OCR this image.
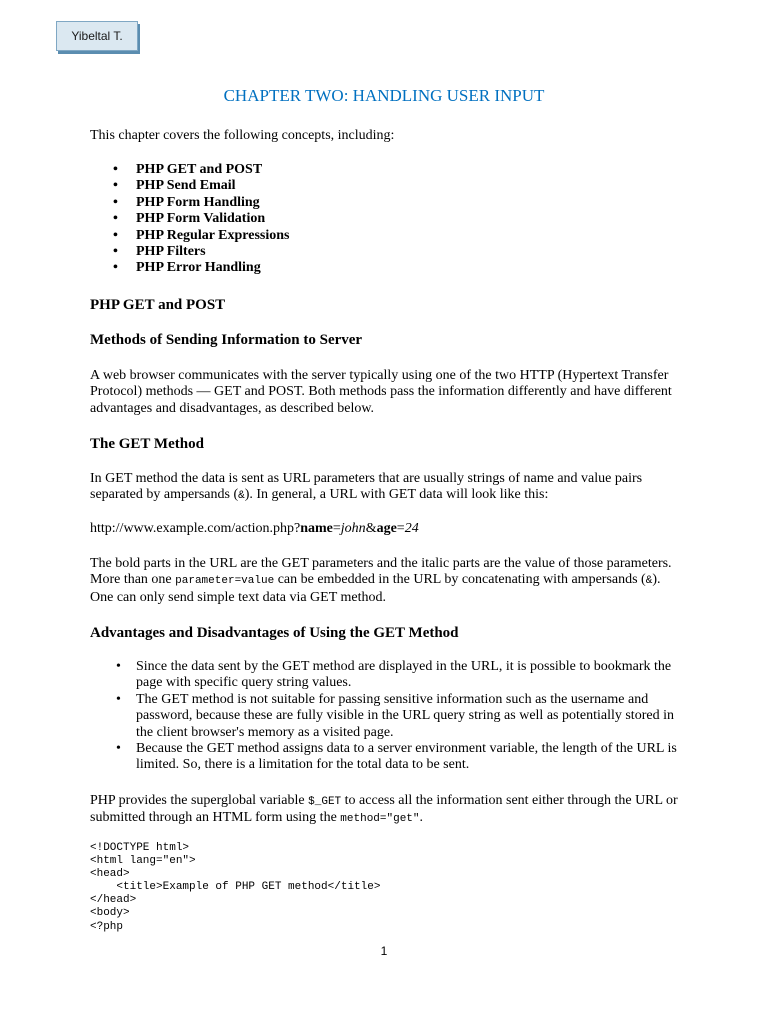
Yibeltal T.
CHAPTER TWO: HANDLING USER INPUT

This chapter covers the following concepts, including:

• PHP GET and POST
• PHP Send Email
• PHP Form Handling
• PHP Form Validation
• PHP Regular Expressions
• PHP Filters
• PHP Error Handling
PHP GET and POST
Methods of Sending Information to Server

A web browser communicates with the server typically using one of the two HTTP (Hypertext Transfer Protocol) methods — GET and POST. Both methods pass the information differently and have different advantages and disadvantages, as described below.

The GET Method

In GET method the data is sent as URL parameters that are usually strings of name and value pairs separated by ampersands (&). In general, a URL with GET data will look like this:

http://www.example.com/action.php?name=john&age=24

The bold parts in the URL are the GET parameters and the italic parts are the value of those parameters. More than one parameter=value can be embedded in the URL by concatenating with ampersands (&). One can only send simple text data via GET method.

Advantages and Disadvantages of Using the GET Method
• Since the data sent by the GET method are displayed in the URL, it is possible to bookmark the page with specific query string values.
• The GET method is not suitable for passing sensitive information such as the username and password, because these are fully visible in the URL query string as well as potentially stored in the client browser's memory as a visited page.
• Because the GET method assigns data to a server environment variable, the length of the URL is limited. So, there is a limitation for the total data to be sent.

PHP provides the superglobal variable $_GET to access all the information sent either through the URL or submitted through an HTML form using the method="get".

<!DOCTYPE html>
<html lang="en">
<head>
<title>Example of PHP GET method</title>
</head>
<body>
<?php
1
